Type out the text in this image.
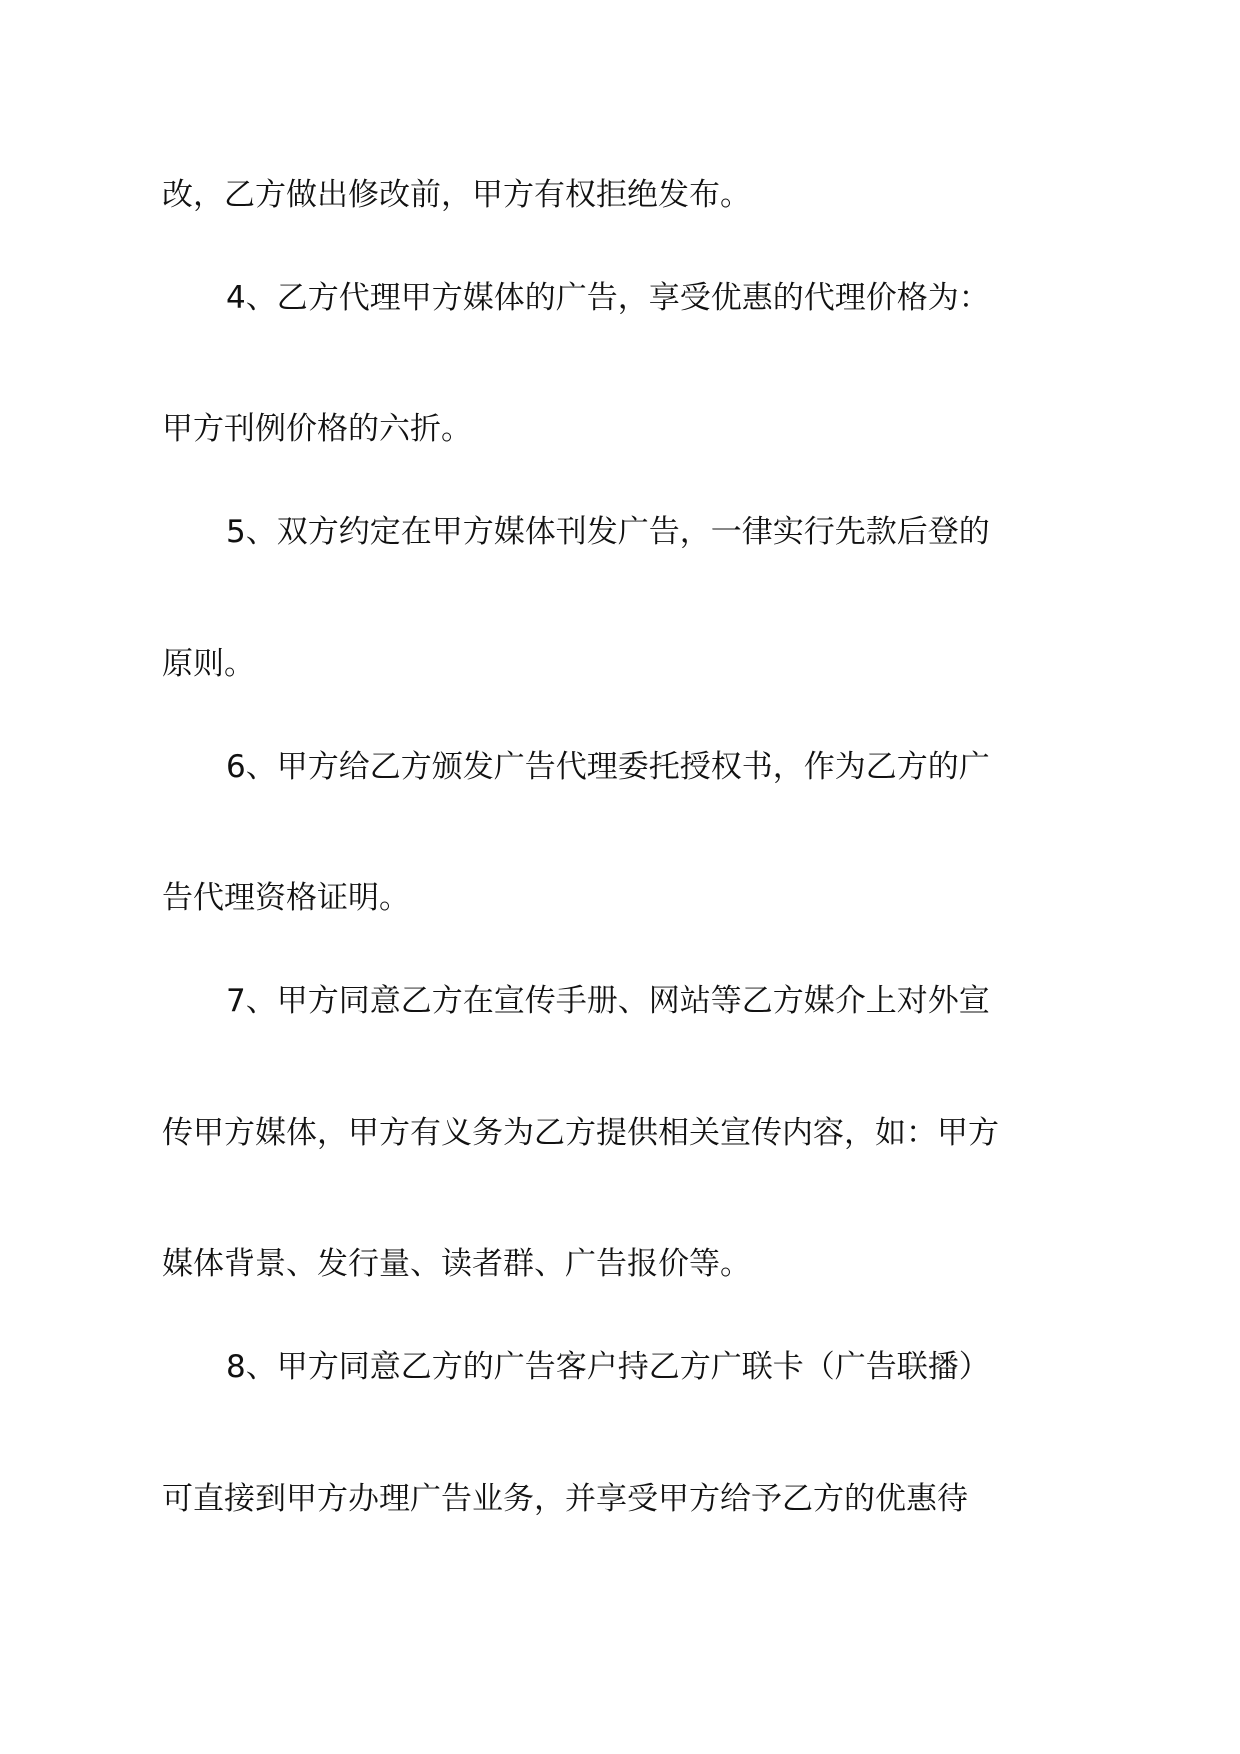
改，乙方做出修改前，甲方有权拒绝发布。
4、乙方代理甲方媒体的广告，享受优惠的代理价格为：
甲方刊例价格的六折。
5、双方约定在甲方媒体刊发广告，一律实行先款后登的
原则。
6、甲方给乙方颁发广告代理委托授权书，作为乙方的广
告代理资格证明。
7、甲方同意乙方在宣传手册、网站等乙方媒介上对外宣
传甲方媒体，甲方有义务为乙方提供相关宣传内容，如：甲方
媒体背景、发行量、读者群、广告报价等。
8、甲方同意乙方的广告客户持乙方广联卡（广告联播）
可直接到甲方办理广告业务，并享受甲方给予乙方的优惠待
